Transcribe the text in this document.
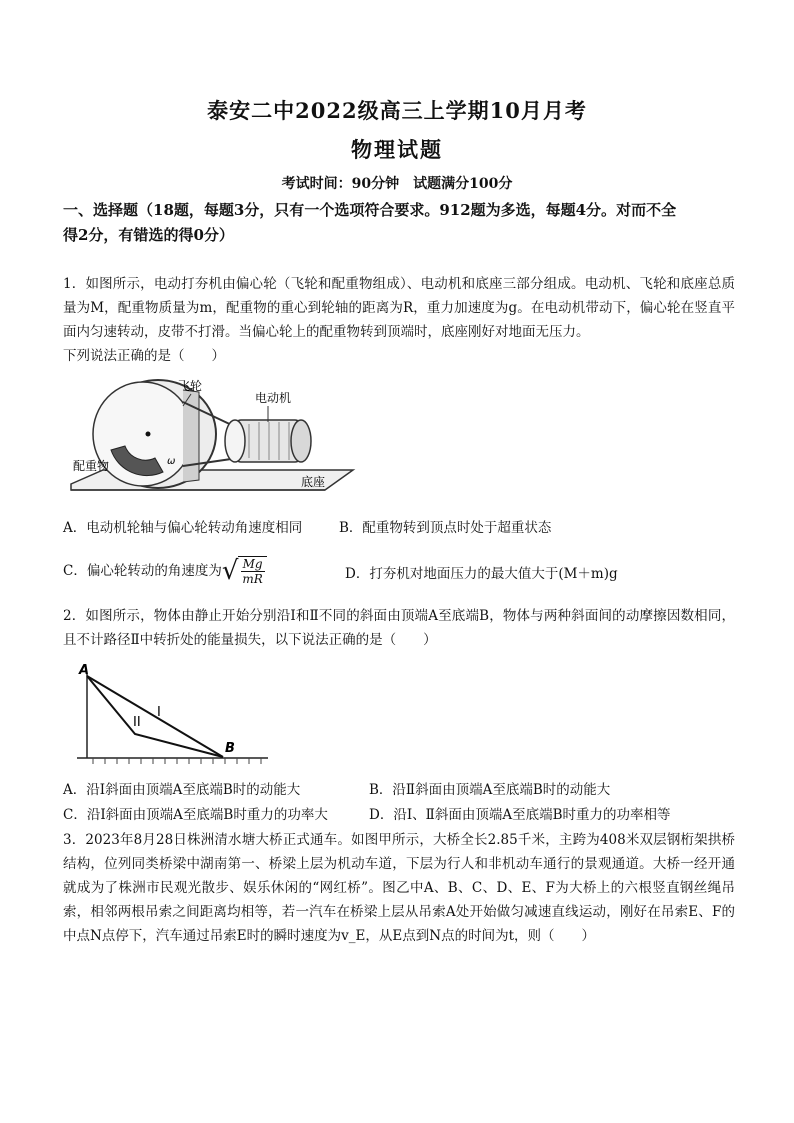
泰安二中2022级高三上学期10月月考
物理试题
考试时间：90分钟　试题满分100分
一、选择题（18题，每题3分，只有一个选项符合要求。912题为多选，每题4分。对而不全
得2分，有错选的得0分）
1．如图所示，电动打夯机由偏心轮（飞轮和配重物组成）、电动机和底座三部分组成。电动机、飞轮和底座总质量为M，配重物质量为m，配重物的重心到轮轴的距离为R，重力加速度为g。在电动机带动下，偏心轮在竖直平面内匀速转动，皮带不打滑。当偏心轮上的配重物转到顶端时，底座刚好对地面无压力。
下列说法正确的是（　　）
飞轮
电动机
配重物
底座
ω
A．电动机轮轴与偏心轮转动角速度相同	B．配重物转到顶点时处于超重状态
C．偏心轮转动的角速度为 √ $\frac{Mg}{mR}$	D．打夯机对地面压力的最大值大于(M＋m)g
2．如图所示，物体由静止开始分别沿Ⅰ和Ⅱ不同的斜面由顶端A至底端B，物体与两种斜面间的动摩擦因数相同，且不计路径Ⅱ中转折处的能量损失，以下说法正确的是（　　）
A
B
I
II
A．沿Ⅰ斜面由顶端A至底端B时的动能大	B．沿Ⅱ斜面由顶端A至底端B时的动能大
C．沿Ⅰ斜面由顶端A至底端B时重力的功率大	D．沿Ⅰ、Ⅱ斜面由顶端A至底端B时重力的功率相等
3．2023年8月28日株洲清水塘大桥正式通车。如图甲所示，大桥全长2.85千米，主跨为408米双层钢桁架拱桥结构，位列同类桥梁中湖南第一、桥梁上层为机动车道，下层为行人和非机动车通行的景观通道。大桥一经开通就成为了株洲市民观光散步、娱乐休闲的“网红桥”。图乙中A、B、C、D、E、F为大桥上的六根竖直钢丝绳吊索，相邻两根吊索之间距离均相等，若一汽车在桥梁上层从吊索A处开始做匀减速直线运动，刚好在吊索E、F的中点N点停下，汽车通过吊索E时的瞬时速度为v_E，从E点到N点的时间为t，则（　　）
